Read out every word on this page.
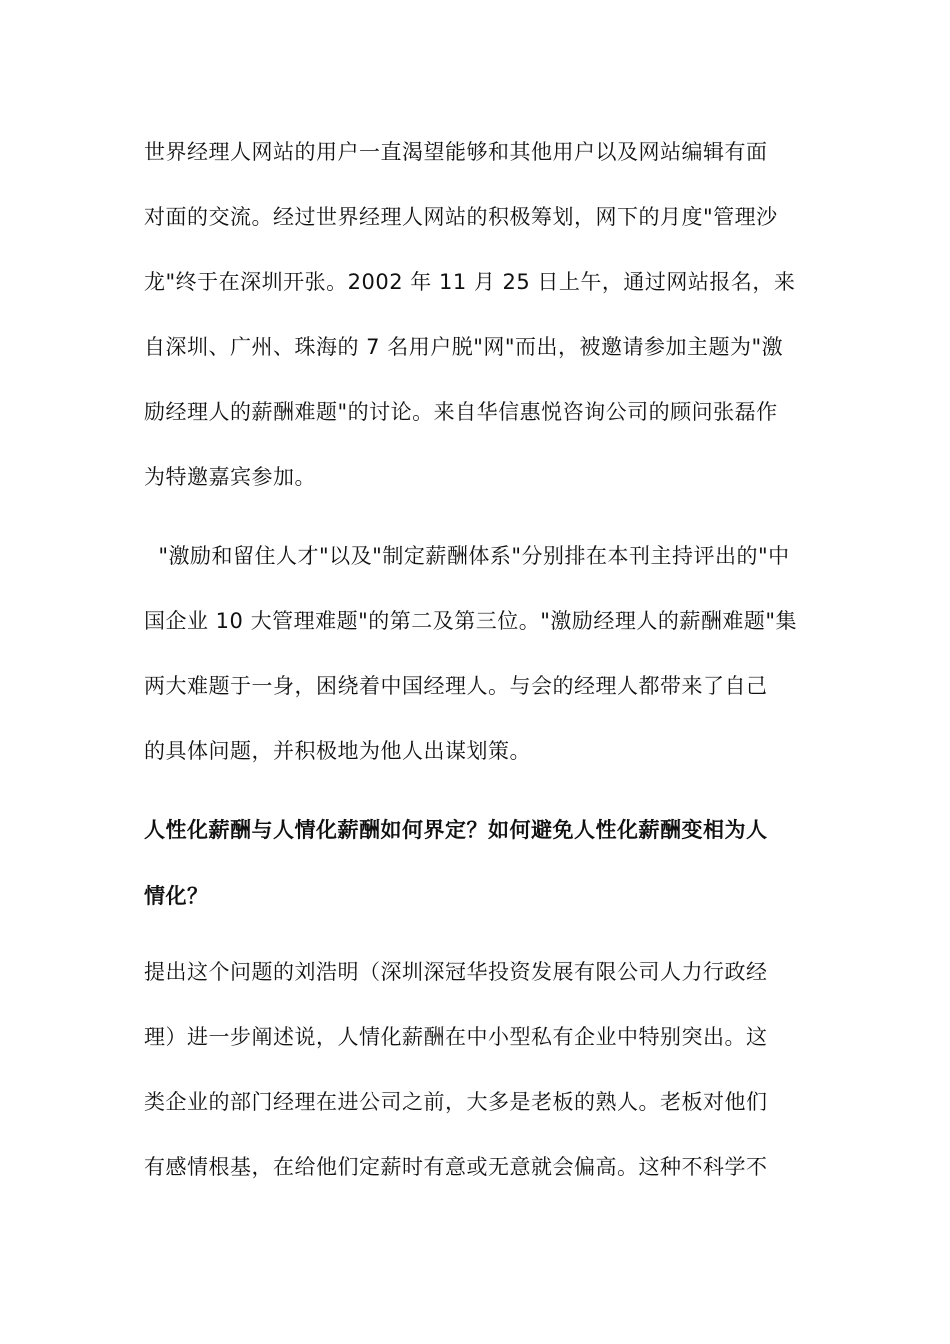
世界经理人网站的用户一直渴望能够和其他用户以及网站编辑有面
对面的交流。经过世界经理人网站的积极筹划，网下的月度"管理沙
龙"终于在深圳开张。2002 年 11 月 25 日上午，通过网站报名，来
自深圳、广州、珠海的 7 名用户脱"网"而出，被邀请参加主题为"激
励经理人的薪酬难题"的讨论。来自华信惠悦咨询公司的顾问张磊作
为特邀嘉宾参加。
"激励和留住人才"以及"制定薪酬体系"分别排在本刊主持评出的"中
国企业 10 大管理难题"的第二及第三位。"激励经理人的薪酬难题"集
两大难题于一身，困绕着中国经理人。与会的经理人都带来了自己
的具体问题，并积极地为他人出谋划策。
人性化薪酬与人情化薪酬如何界定？如何避免人性化薪酬变相为人
情化？
提出这个问题的刘浩明（深圳深冠华投资发展有限公司人力行政经
理）进一步阐述说，人情化薪酬在中小型私有企业中特别突出。这
类企业的部门经理在进公司之前，大多是老板的熟人。老板对他们
有感情根基，在给他们定薪时有意或无意就会偏高。这种不科学不
